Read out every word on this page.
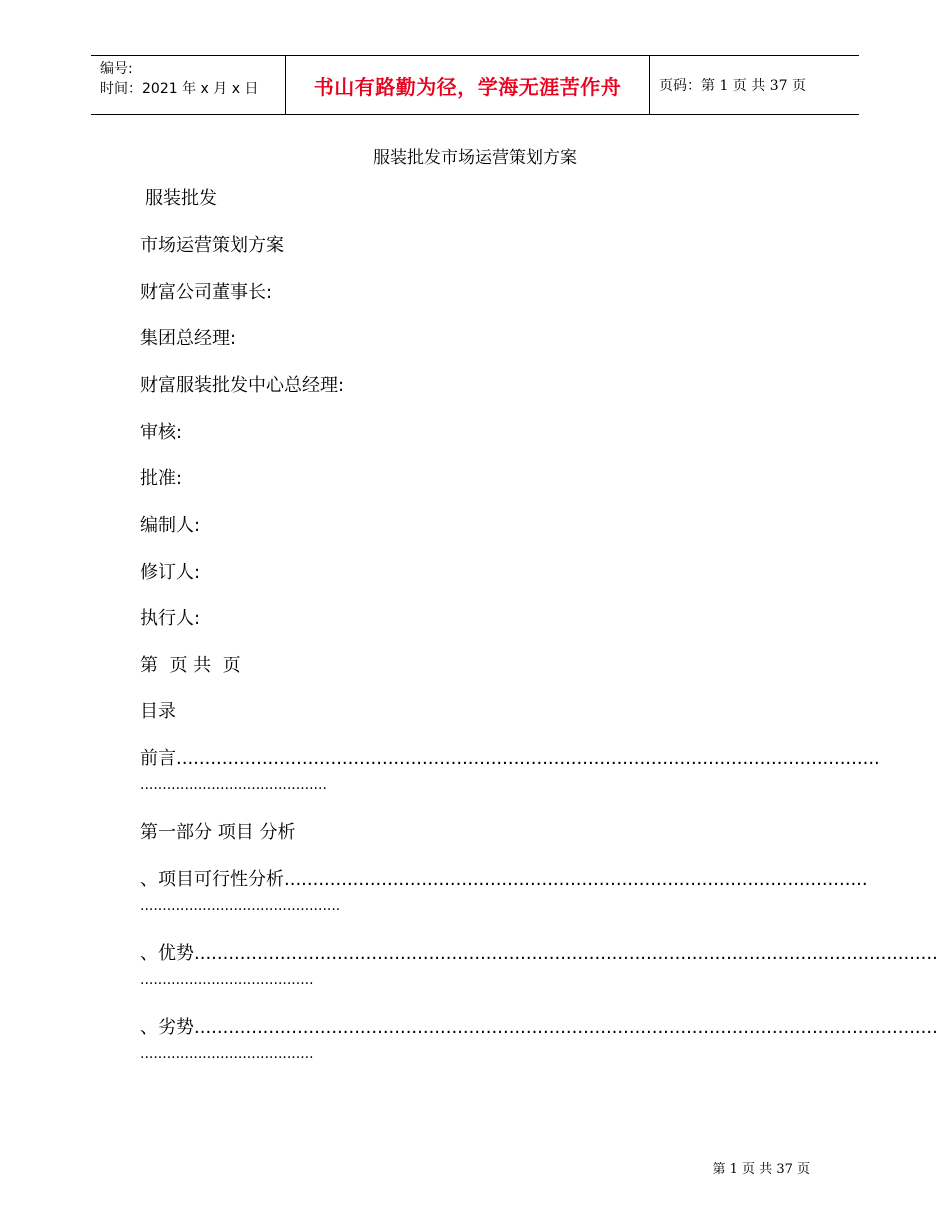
编号:
时间：2021 年 x 月 x 日	书山有路勤为径，学海无涯苦作舟	页码：第 1 页 共 37 页
服装批发市场运营策划方案
服装批发
市场运营策划方案
财富公司董事长:
集团总经理:
财富服装批发中心总经理:
审核:
批准:
编制人:
修订人:
执行人:
第  页 共  页
目录
前言...........................................................................................................................
..........................................
第一部分 项目 分析
、项目可行性分析......................................................................................................
.............................................
、优势..................................................................................................................................
.......................................
、劣势..................................................................................................................................
.......................................
第 1 页 共 37 页
